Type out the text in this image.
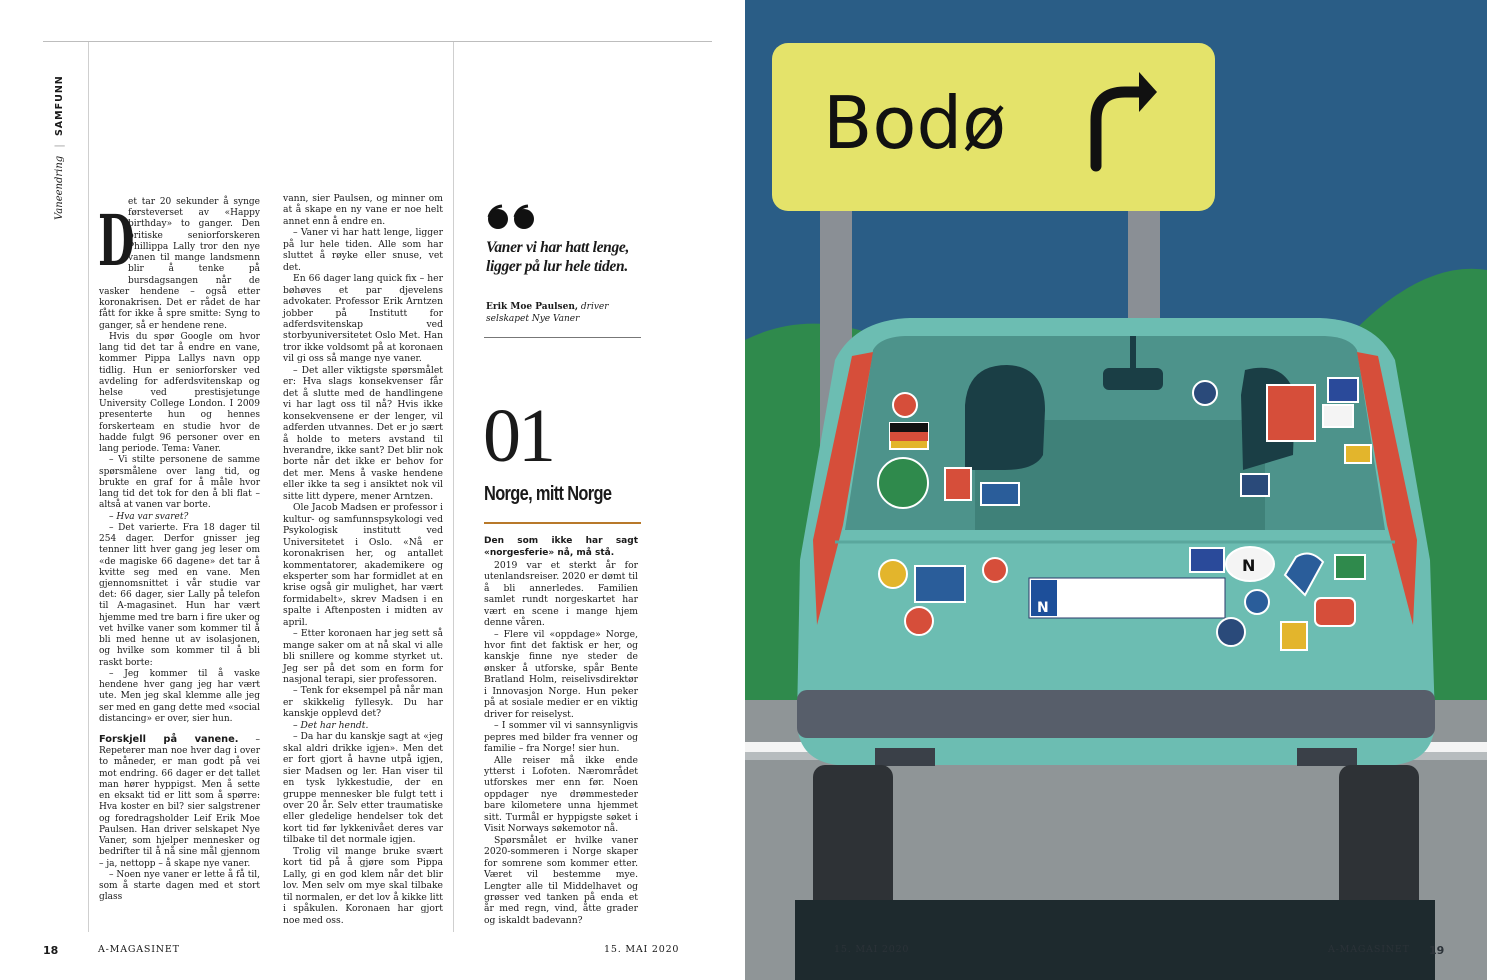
Vaneendring | SAMFUNN

D
et tar 20 sekunder å synge førsteverset av «Happy birthday» to ganger. Den britiske seniorforskeren Phillippa Lally tror den nye vanen til mange landsmenn blir å tenke på bursdagsangen når de vasker hendene – også etter koronakrisen. Det er rådet de har fått for ikke å spre smitte: Syng to ganger, så er hendene rene.

Hvis du spør Google om hvor lang tid det tar å endre en vane, kommer Pippa Lallys navn opp tidlig. Hun er seniorforsker ved avdeling for adferdsvitenskap og helse ved prestisjetunge University College London. I 2009 presenterte hun og hennes forskerteam en studie hvor de hadde fulgt 96 personer over en lang periode. Tema: Vaner.

– Vi stilte personene de samme spørsmålene over lang tid, og brukte en graf for å måle hvor lang tid det tok for den å bli flat – altså at vanen var borte.

– Hva var svaret?

– Det varierte. Fra 18 dager til 254 dager. Derfor gnisser jeg tenner litt hver gang jeg leser om «de magiske 66 dagene» det tar å kvitte seg med en vane. Men gjennomsnittet i vår studie var det: 66 dager, sier Lally på telefon til A-magasinet. Hun har vært hjemme med tre barn i fire uker og vet hvilke vaner som kommer til å bli med henne ut av isolasjonen, og hvilke som kommer til å bli raskt borte:

– Jeg kommer til å vaske hendene hver gang jeg har vært ute. Men jeg skal klemme alle jeg ser med en gang dette med «social distancing» er over, sier hun.

Forskjell på vanene. – Repeterer man noe hver dag i over to måneder, er man godt på vei mot endring. 66 dager er det tallet man hører hyppigst. Men å sette en eksakt tid er litt som å spørre: Hva koster en bil? sier salgstrener og foredragsholder Leif Erik Moe Paulsen. Han driver selskapet Nye Vaner, som hjelper mennesker og bedrifter til å nå sine mål gjennom – ja, nettopp – å skape nye vaner.

– Noen nye vaner er lette å få til, som å starte dagen med et stort glass

vann, sier Paulsen, og minner om at å skape en ny vane er noe helt annet enn å endre en.

– Vaner vi har hatt lenge, ligger på lur hele tiden. Alle som har sluttet å røyke eller snuse, vet det.

En 66 dager lang quick fix – her bøhøves et par djevelens advokater. Professor Erik Arntzen jobber på Institutt for adferdsvitenskap ved storbyuniversitetet Oslo Met. Han tror ikke voldsomt på at koronaen vil gi oss så mange nye vaner.

– Det aller viktigste spørsmålet er: Hva slags konsekvenser får det å slutte med de handlingene vi har lagt oss til nå? Hvis ikke konsekvensene er der lenger, vil adferden utvannes. Det er jo sært å holde to meters avstand til hverandre, ikke sant? Det blir nok borte når det ikke er behov for det mer. Mens å vaske hendene eller ikke ta seg i ansiktet nok vil sitte litt dypere, mener Arntzen.

Ole Jacob Madsen er professor i kultur- og samfunnspsykologi ved Psykologisk institutt ved Universitetet i Oslo. «Nå er koronakrisen her, og antallet kommentatorer, akademikere og eksperter som har formidlet at en krise også gir mulighet, har vært formidabelt», skrev Madsen i en spalte i Aftenposten i midten av april.

– Etter koronaen har jeg sett så mange saker om at nå skal vi alle bli snillere og komme styrket ut. Jeg ser på det som en form for nasjonal terapi, sier professoren.

– Tenk for eksempel på når man er skikkelig fyllesyk. Du har kanskje opplevd det?

– Det har hendt.

– Da har du kanskje sagt at «jeg skal aldri drikke igjen». Men det er fort gjort å havne utpå igjen, sier Madsen og ler. Han viser til en tysk lykkestudie, der en gruppe mennesker ble fulgt tett i over 20 år. Selv etter traumatiske eller gledelige hendelser tok det kort tid før lykkenivået deres var tilbake til det normale igjen.

Trolig vil mange bruke svært kort tid på å gjøre som Pippa Lally, gi en god klem når det blir lov. Men selv om mye skal tilbake til normalen, er det lov å kikke litt i spåkulen. Koronaen har gjort noe med oss.

Vaner vi har hatt lenge, ligger på lur hele tiden.
Erik Moe Paulsen, driver selskapet Nye Vaner
01
Norge, mitt Norge

Den som ikke har sagt «norgesferie» nå, må stå.

2019 var et sterkt år for utenlandsreiser. 2020 er dømt til å bli annerledes. Familien samlet rundt norgeskartet har vært en scene i mange hjem denne våren.

– Flere vil «oppdage» Norge, hvor fint det faktisk er her, og kanskje finne nye steder de ønsker å utforske, spår Bente Bratland Holm, reiselivsdirektør i Innovasjon Norge. Hun peker på at sosiale medier er en viktig driver for reiselyst.

– I sommer vil vi sannsynligvis pepres med bilder fra venner og familie – fra Norge! sier hun.

Alle reiser må ikke ende ytterst i Lofoten. Nærområdet utforskes mer enn før. Noen oppdager nye drømmesteder bare kilometere unna hjemmet sitt. Turmål er hyppigste søket i Visit Norways søkemotor nå.

Spørsmålet er hvilke vaner 2020-sommeren i Norge skaper for somrene som kommer etter. Været vil bestemme mye. Lengter alle til Middelhavet og grøsser ved tanken på enda et år med regn, vind, åtte grader og iskaldt badevann?

18	A-MAGASINET	15. MAI 2020
Bodø
N
N
15. MAI 2020	A-MAGASINET 19
